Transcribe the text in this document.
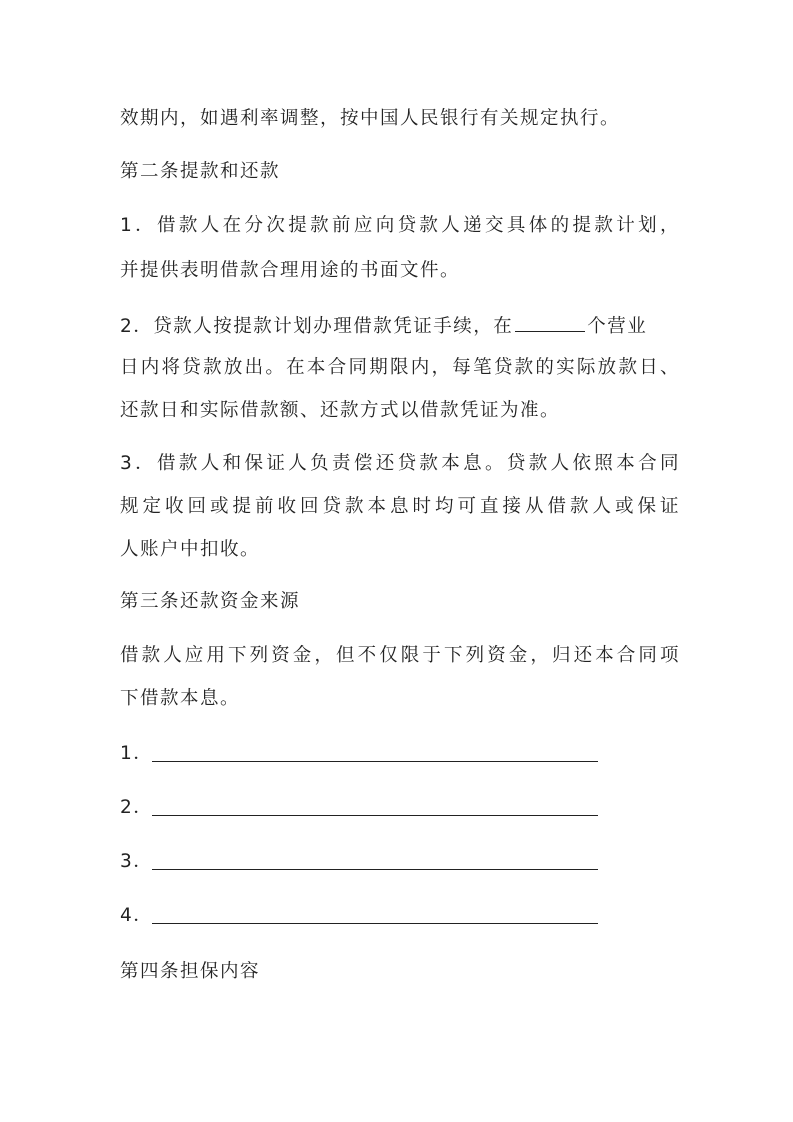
效期内，如遇利率调整，按中国人民银行有关规定执行。
第二条提款和还款
1．借款人在分次提款前应向贷款人递交具体的提款计划，
并提供表明借款合理用途的书面文件。
2．贷款人按提款计划办理借款凭证手续，在	个营业
日内将贷款放出。在本合同期限内，每笔贷款的实际放款日、
还款日和实际借款额、还款方式以借款凭证为准。
3．借款人和保证人负责偿还贷款本息。贷款人依照本合同
规定收回或提前收回贷款本息时均可直接从借款人或保证
人账户中扣收。
第三条还款资金来源
借款人应用下列资金，但不仅限于下列资金，归还本合同项
下借款本息。
1．
2．
3．
4．
第四条担保内容
